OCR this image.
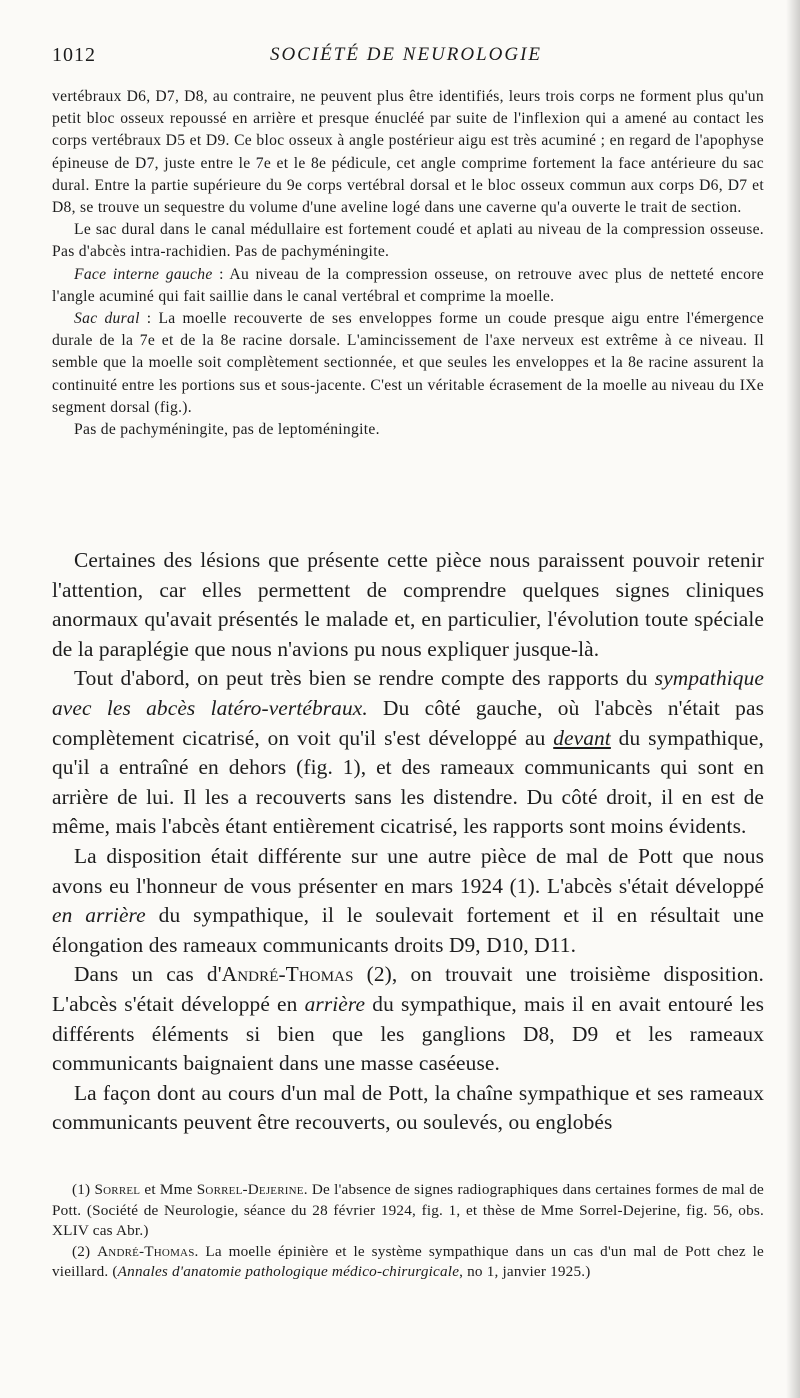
1012	SOCIÉTÉ DE NEUROLOGIE

vertébraux D6, D7, D8, au contraire, ne peuvent plus être identifiés, leurs trois corps ne forment plus qu'un petit bloc osseux repoussé en arrière et presque énucléé par suite de l'inflexion qui a amené au contact les corps vertébraux D5 et D9. Ce bloc osseux à angle postérieur aigu est très acuminé ; en regard de l'apophyse épineuse de D7, juste entre le 7e et le 8e pédicule, cet angle comprime fortement la face antérieure du sac dural. Entre la partie supérieure du 9e corps vertébral dorsal et le bloc osseux commun aux corps D6, D7 et D8, se trouve un sequestre du volume d'une aveline logé dans une caverne qu'a ouverte le trait de section.

Le sac dural dans le canal médullaire est fortement coudé et aplati au niveau de la compression osseuse. Pas d'abcès intra-rachidien. Pas de pachyméningite.

Face interne gauche : Au niveau de la compression osseuse, on retrouve avec plus de netteté encore l'angle acuminé qui fait saillie dans le canal vertébral et comprime la moelle.

Sac dural : La moelle recouverte de ses enveloppes forme un coude presque aigu entre l'émergence durale de la 7e et de la 8e racine dorsale. L'amincissement de l'axe nerveux est extrême à ce niveau. Il semble que la moelle soit complètement sectionnée, et que seules les enveloppes et la 8e racine assurent la continuité entre les portions sus et sous-jacente. C'est un véritable écrasement de la moelle au niveau du IXe segment dorsal (fig.).

Pas de pachyméningite, pas de leptoméningite.

Certaines des lésions que présente cette pièce nous paraissent pouvoir retenir l'attention, car elles permettent de comprendre quelques signes cliniques anormaux qu'avait présentés le malade et, en particulier, l'évolution toute spéciale de la paraplégie que nous n'avions pu nous expliquer jusque-là.

Tout d'abord, on peut très bien se rendre compte des rapports du sympathique avec les abcès latéro-vertébraux. Du côté gauche, où l'abcès n'était pas complètement cicatrisé, on voit qu'il s'est développé au devant du sympathique, qu'il a entraîné en dehors (fig. 1), et des rameaux communicants qui sont en arrière de lui. Il les a recouverts sans les distendre. Du côté droit, il en est de même, mais l'abcès étant entièrement cicatrisé, les rapports sont moins évidents.

La disposition était différente sur une autre pièce de mal de Pott que nous avons eu l'honneur de vous présenter en mars 1924 (1). L'abcès s'était développé en arrière du sympathique, il le soulevait fortement et il en résultait une élongation des rameaux communicants droits D9, D10, D11.

Dans un cas d'André-Thomas (2), on trouvait une troisième disposition. L'abcès s'était développé en arrière du sympathique, mais il en avait entouré les différents éléments si bien que les ganglions D8, D9 et les rameaux communicants baignaient dans une masse caséeuse.

La façon dont au cours d'un mal de Pott, la chaîne sympathique et ses rameaux communicants peuvent être recouverts, ou soulevés, ou englobés

(1) Sorrel et Mme Sorrel-Dejerine. De l'absence de signes radiographiques dans certaines formes de mal de Pott. (Société de Neurologie, séance du 28 février 1924, fig. 1, et thèse de Mme Sorrel-Dejerine, fig. 56, obs. XLIV cas Abr.)

(2) André-Thomas. La moelle épinière et le système sympathique dans un cas d'un mal de Pott chez le vieillard. (Annales d'anatomie pathologique médico-chirurgicale, no 1, janvier 1925.)
